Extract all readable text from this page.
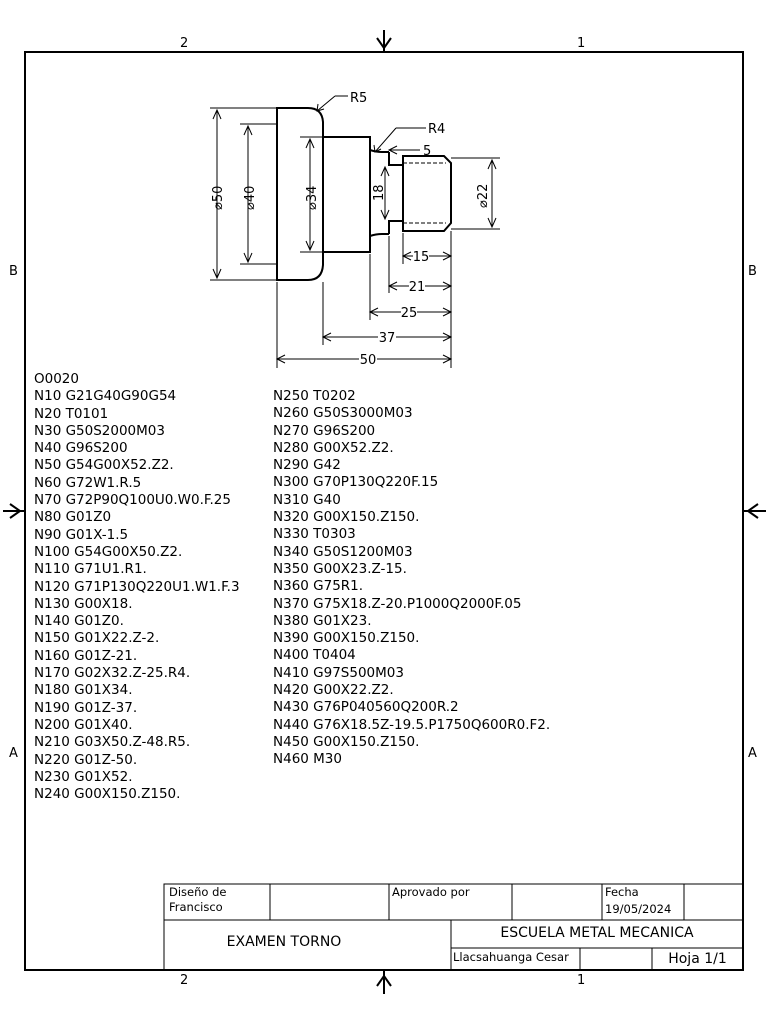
R5
R4
5
⌀50 ⌀40	⌀34	18	⌀22
15
21
25
37
50
2	1
2	1
B
A
B
A
O0020
N10 G21G40G90G54
N20 T0101
N30 G50S2000M03
N40 G96S200
N50 G54G00X52.Z2.
N60 G72W1.R.5
N70 G72P90Q100U0.W0.F.25
N80 G01Z0
N90 G01X-1.5
N100 G54G00X50.Z2.
N110 G71U1.R1.
N120 G71P130Q220U1.W1.F.3
N130 G00X18.
N140 G01Z0.
N150 G01X22.Z-2.
N160 G01Z-21.
N170 G02X32.Z-25.R4.
N180 G01X34.
N190 G01Z-37.
N200 G01X40.
N210 G03X50.Z-48.R5.
N220 G01Z-50.
N230 G01X52.
N240 G00X150.Z150.
N250 T0202
N260 G50S3000M03
N270 G96S200
N280 G00X52.Z2.
N290 G42
N300 G70P130Q220F.15
N310 G40
N320 G00X150.Z150.
N330 T0303
N340 G50S1200M03
N350 G00X23.Z-15.
N360 G75R1.
N370 G75X18.Z-20.P1000Q2000F.05
N380 G01X23.
N390 G00X150.Z150.
N400 T0404
N410 G97S500M03
N420 G00X22.Z2.
N430 G76P040560Q200R.2
N440 G76X18.5Z-19.5.P1750Q600R0.F2.
N450 G00X150.Z150.
N460 M30
Diseño de
Francisco
Aprovado por	Fecha
19/05/2024
EXAMEN TORNO
ESCUELA METAL MECANICA
Llacsahuanga Cesar	Hoja 1/1
